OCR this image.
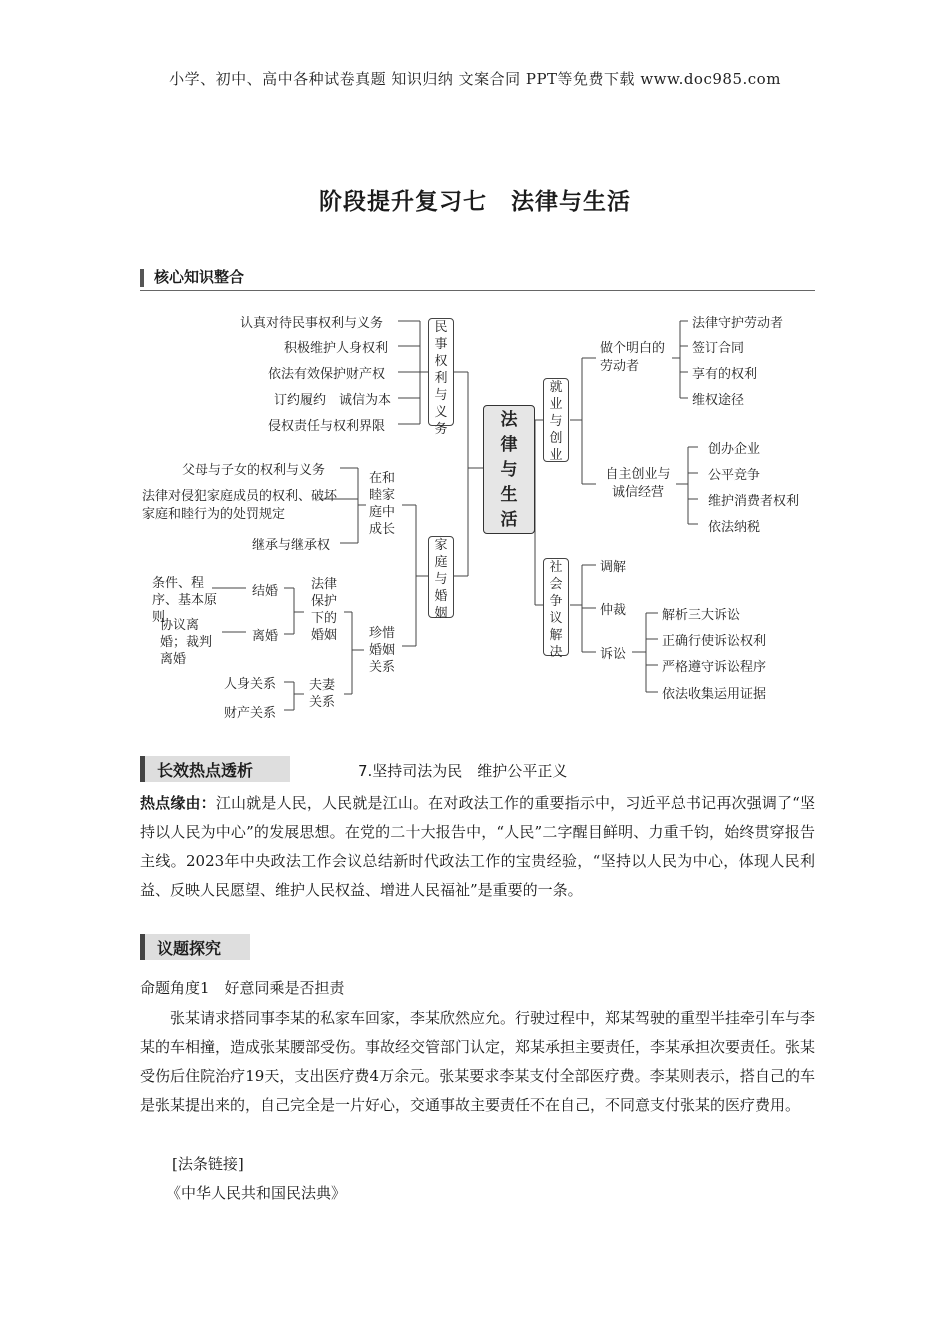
小学、初中、高中各种试卷真题 知识归纳 文案合同 PPT等免费下载 www.doc985.com
阶段提升复习七　法律与生活
核心知识整合
认真对待民事权利与义务
积极维护人身权利
依法有效保护财产权
订约履约　诚信为本
侵权责任与权利界限
民事权利与义务
父母与子女的权利与义务
法律对侵犯家庭成员的权利、破坏家庭和睦行为的处罚规定
继承与继承权
在和睦家庭中成长
家庭与婚姻
条件、程序、基本原则
结婚
协议离婚；裁判离婚
离婚
法律保护下的婚姻
人身关系
财产关系
夫妻关系
珍惜婚姻关系
法律与生活
就业与创业
做个明白的劳动者
法律守护劳动者
签订合同
享有的权利
维权途径
自主创业与诚信经营
创办企业
公平竞争
维护消费者权利
依法纳税
社会争议解决
调解
仲裁
诉讼
解析三大诉讼
正确行使诉讼权利
严格遵守诉讼程序
依法收集运用证据
长效热点透析	7.坚持司法为民　维护公平正义
热点缘由：江山就是人民，人民就是江山。在对政法工作的重要指示中，习近平总书记再次强调了“坚持以人民为中心”的发展思想。在党的二十大报告中，“人民”二字醒目鲜明、力重千钧，始终贯穿报告主线。2023年中央政法工作会议总结新时代政法工作的宝贵经验，“坚持以人民为中心，体现人民利益、反映人民愿望、维护人民权益、增进人民福祉”是重要的一条。
议题探究
命题角度1　好意同乘是否担责
张某请求搭同事李某的私家车回家，李某欣然应允。行驶过程中，郑某驾驶的重型半挂牵引车与李某的车相撞，造成张某腰部受伤。事故经交管部门认定，郑某承担主要责任，李某承担次要责任。张某受伤后住院治疗19天，支出医疗费4万余元。张某要求李某支付全部医疗费。李某则表示，搭自己的车是张某提出来的，自己完全是一片好心，交通事故主要责任不在自己，不同意支付张某的医疗费用。
[法条链接]
《中华人民共和国民法典》
